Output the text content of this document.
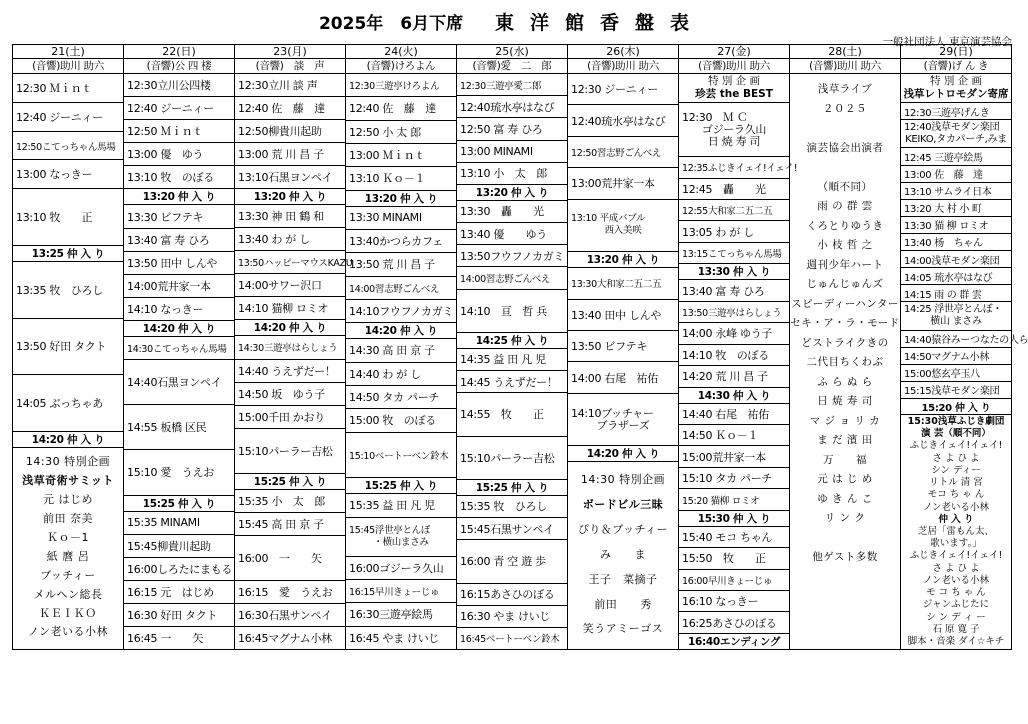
2025年　6月下席 東洋館香盤表
一般社団法人 東京演芸協会
21(土)
(音響)助川 助六
12:30 Ｍｉｎｔ
12:40 ジーニィー
12:50こてっちゃん馬場
13:00 なっきー
13:10 牧　　正
13:25 仲 入 り
13:35 牧　ひろし
13:50 好田 タクト
14:05 ぶっちゃあ
14:20 仲 入 り
14:30 特別企画
浅草奇術サミット
元 はじめ
前田 奈美
Ｋｏ－1
紙 麿 呂
ブッチィー
メルヘン総長
ＫＥＩＫＯ
ノン老いる小林
22(日)
(音響)公 四 楼
12:30立川公四楼
12:40 ジーニィー
12:50 Ｍｉｎｔ
13:00 優　ゆう
13:10 牧　のぼる
13:20 仲 入 り
13:30 ビフテキ
13:40 富 寿 ひろ
13:50 田中 しんや
14:00荒井家一本
14:10 なっきー
14:20 仲 入 り
14:30こてっちゃん馬場
14:40石黒ヨンペイ
14:55 板橋 区民
15:10 愛　うえお
15:25 仲 入 り
15:35 MINAMI
15:45柳貴川起助
16:00しろたにまもる
16:15 元　はじめ
16:30 好田 タクト
16:45 一　　矢
23(月)
(音響)　談　声
12:30立川 談 声
12:40 佐　藤　達
12:50柳貴川起助
13:00 荒 川 昌 子
13:10石黒ヨンペイ
13:20 仲 入 り
13:30 神 田 鶴 和
13:40 わ が し
13:50ハッピーマウスKAZU
14:00サワー沢口
14:10 猫柳 ロミオ
14:20 仲 入 り
14:30三遊亭はらしょう
14:40 うえずだー！
14:50 坂　ゆう子
15:00千田 かおり
15:10パーラー吉松
15:25 仲 入 り
15:35 小　太　郎
15:45 高 田 京 子
16:00　一　　矢
16:15　愛　うえお
16:30石黒サンペイ
16:45マグナム小林
24(火)
(音響)けろよん
12:30三遊亭けろよん
12:40 佐　藤　達
12:50 小 太 郎
13:00 Ｍｉｎｔ
13:10 Ｋｏ－１
13:20 仲 入 り
13:30 MINAMI
13:40かつらカフェ
13:50 荒 川 昌 子
14:00習志野ごんべえ
14:10フウフノカガミ
14:20 仲 入 り
14:30 高 田 京 子
14:40 わ が し
14:50 タカ パーチ
15:00 牧　のぼる
15:10ベートーベン鈴木
15:25 仲 入 り
15:35 益 田 凡 児
15:45浮世亭とんぼ
・横山まさみ
16:00ゴジーラ久山
16:15早川きょーじゅ
16:30三遊亭絵馬
16:45 やま けいじ
25(水)
(音響)愛　二　郎
12:30三遊亭愛二郎
12:40琉水亭はなび
12:50 富 寿 ひろ
13:00 MINAMI
13:10 小　太　郎
13:20 仲 入 り
13:30　轟　　光
13:40 優　　ゆう
13:50フウフノカガミ
14:00習志野ごんべえ
14:10　亘　哲 兵
14:25 仲 入 り
14:35 益 田 凡 児
14:45 うえずだー！
14:55　牧　　正
15:10パーラー吉松
15:25 仲 入 り
15:35 牧　ひろし
15:45石黒サンペイ
16:00 青 空 遊 歩
16:15あさひのぼる
16:30 やま けいじ
16:45ベートーベン鈴木
26(木)
(音響)助川 助六
12:30 ジーニィー
12:40琉水亭はなび
12:50習志野ごんべえ
13:00荒井家一本
13:10 平成バブル
西入美咲
13:20 仲 入 り
13:30大和家二五二五
13:40 田中 しんや
13:50 ビフテキ
14:00 右尾　祐佑
14:10ブッチャー
ブラザーズ
14:20 仲 入 り
14:30 特別企画
ボードビル三昧
ぴり＆ブッチィー
み　　ま
王子　菜摘子
前田　　秀
笑うアミーゴス
27(金)
(音響)助川 助六
特 別 企 画
珍芸 the BEST
12:30　Ｍ Ｃ
ゴジーラ久山
日 焼 寿 司
12:35ふじきイェイ!イェイ!
12:45　轟　　光
12:55大和家二五二五
13:05 わ が し
13:15こてっちゃん馬場
13:30 仲 入 り
13:40 富 寿 ひろ
13:50三遊亭はらしょう
14:00 永峰 ゆう子
14:10 牧　のぼる
14:20 荒 川 昌 子
14:30 仲 入 り
14:40 右尾　祐佑
14:50 Ｋｏ－１
15:00荒井家一本
15:10 タカ パーチ
15:20 猫柳 ロミオ
15:30 仲 入 り
15:40 モコ ちゃん
15:50　牧　　正
16:00早川きょーじゅ
16:10 なっきー
16:25あさひのぼる
16:40エンディング
28(土)
(音響)助川 助六
浅草ライブ
２０２５

演芸協会出演者

（順不同）
雨 の 群 雲
くろとりゆうき
小 枝 哲 之
週刊少年ハート
じゅんじゅんズ
スピーディーハンター
セキ・ア・ラ・モード
どストライクきの
二代目ちくわぶ
ふ ら ぬ ら
日 焼 寿 司
マ ジ ョ リ カ
ま だ 濱 田
万　　福
元 は じ め
ゆ き ん こ
リ ン ク

他ゲスト多数
29(日)
(音響)げ ん き
特 別 企 画
浅草レトロモダン寄席
12:30三遊亭げんき
12:40浅草モダン楽団
KEIKO,タカパーチ,みま
12:45 三遊亭絵馬
13:00 佐　藤　達
13:10 サムライ日本
13:20 大 村 小 町
13:30 猫 柳 ロミオ
13:40 杨　ちゃん
14:00浅草モダン楽団
14:05 琉水亭はなび
14:15 雨 の 群 雲
14:25 浮世亭とんぼ・
横山 まさみ
14:40猿谷みーつなたの人ら
14:50マグナム小林
15:00悠玄亭玉八
15:15浅草モダン楽団
15:20 仲 入 り
15:30浅草ふじき劇団
演 芸（順不同）
ふじきイェイ!イェイ!
さ よ ひ よ
シン ディー
リトル 清 宮
モコ ち ゃ ん
ノン老いる小林
仲 入 り
芝居「雷もん太、
歌います。」
ふじきイェイ!イェイ!
さ よ ひ よ
ノン老いる小林
モ コ ち ゃ ん
ジャンふじたに
シ ン デ ィ ー
石 原 寛 子
脚本・音楽 ダイ☆キチ
